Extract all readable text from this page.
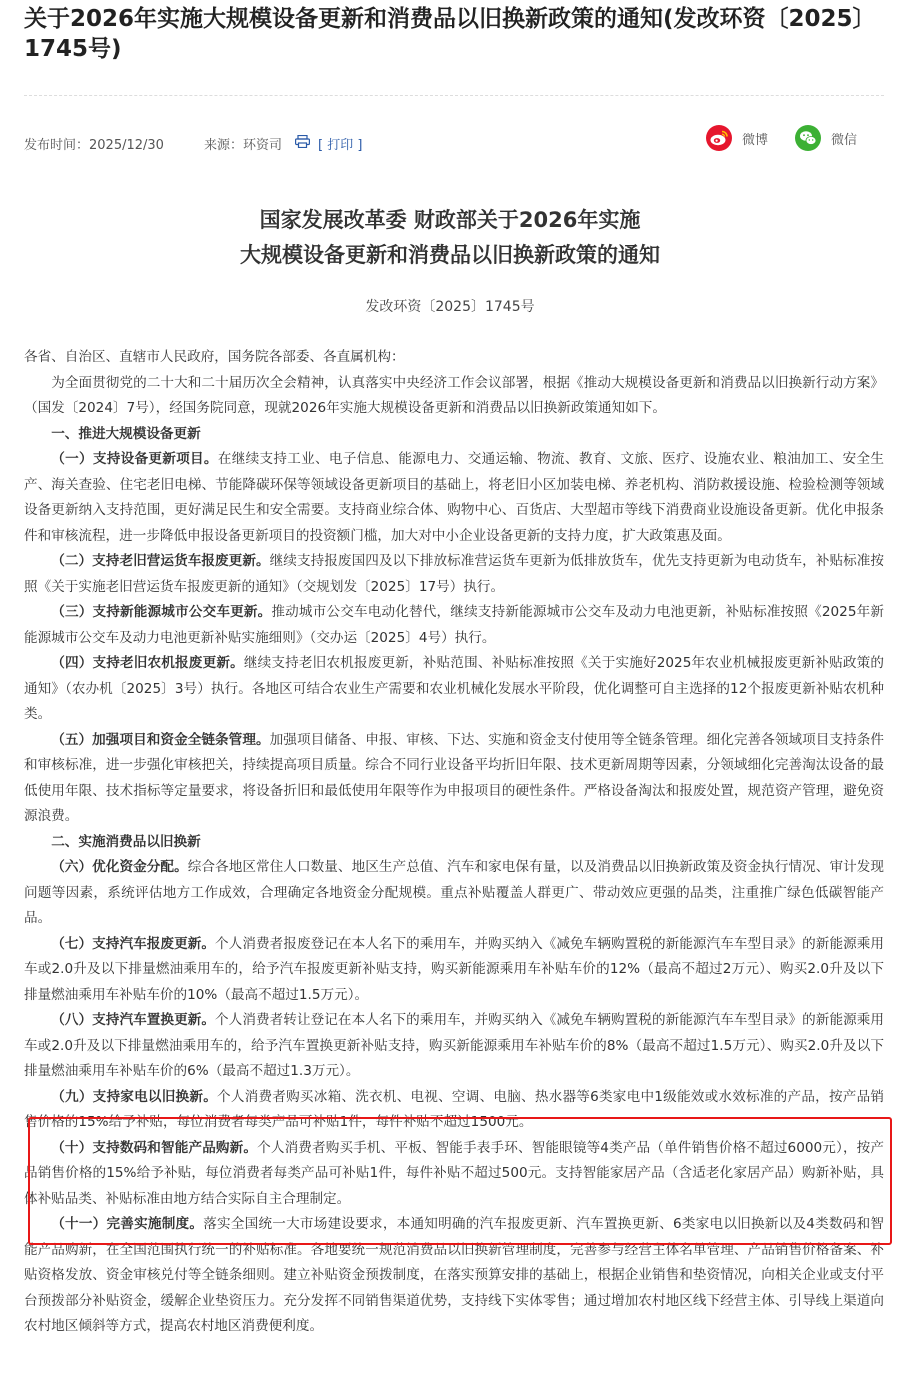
关于2026年实施大规模设备更新和消费品以旧换新政策的通知(发改环资〔2025〕1745号)
发布时间：2025/12/30	来源：环资司	[ 打印 ]	微博	微信
国家发展改革委 财政部关于2026年实施
大规模设备更新和消费品以旧换新政策的通知
发改环资〔2025〕1745号

各省、自治区、直辖市人民政府，国务院各部委、各直属机构：

为全面贯彻党的二十大和二十届历次全会精神，认真落实中央经济工作会议部署，根据《推动大规模设备更新和消费品以旧换新行动方案》（国发〔2024〕7号），经国务院同意，现就2026年实施大规模设备更新和消费品以旧换新政策通知如下。

一、推进大规模设备更新

（一）支持设备更新项目。在继续支持工业、电子信息、能源电力、交通运输、物流、教育、文旅、医疗、设施农业、粮油加工、安全生产、海关查验、住宅老旧电梯、节能降碳环保等领域设备更新项目的基础上，将老旧小区加装电梯、养老机构、消防救援设施、检验检测等领域设备更新纳入支持范围，更好满足民生和安全需要。支持商业综合体、购物中心、百货店、大型超市等线下消费商业设施设备更新。优化申报条件和审核流程，进一步降低申报设备更新项目的投资额门槛，加大对中小企业设备更新的支持力度，扩大政策惠及面。

（二）支持老旧营运货车报废更新。继续支持报废国四及以下排放标准营运货车更新为低排放货车，优先支持更新为电动货车，补贴标准按照《关于实施老旧营运货车报废更新的通知》（交规划发〔2025〕17号）执行。

（三）支持新能源城市公交车更新。推动城市公交车电动化替代，继续支持新能源城市公交车及动力电池更新，补贴标准按照《2025年新能源城市公交车及动力电池更新补贴实施细则》（交办运〔2025〕4号）执行。

（四）支持老旧农机报废更新。继续支持老旧农机报废更新，补贴范围、补贴标准按照《关于实施好2025年农业机械报废更新补贴政策的通知》（农办机〔2025〕3号）执行。各地区可结合农业生产需要和农业机械化发展水平阶段，优化调整可自主选择的12个报废更新补贴农机种类。

（五）加强项目和资金全链条管理。加强项目储备、申报、审核、下达、实施和资金支付使用等全链条管理。细化完善各领域项目支持条件和审核标准，进一步强化审核把关，持续提高项目质量。综合不同行业设备平均折旧年限、技术更新周期等因素，分领域细化完善淘汰设备的最低使用年限、技术指标等定量要求，将设备折旧和最低使用年限等作为申报项目的硬性条件。严格设备淘汰和报废处置，规范资产管理，避免资源浪费。

二、实施消费品以旧换新

（六）优化资金分配。综合各地区常住人口数量、地区生产总值、汽车和家电保有量，以及消费品以旧换新政策及资金执行情况、审计发现问题等因素，系统评估地方工作成效，合理确定各地资金分配规模。重点补贴覆盖人群更广、带动效应更强的品类，注重推广绿色低碳智能产品。

（七）支持汽车报废更新。个人消费者报废登记在本人名下的乘用车，并购买纳入《减免车辆购置税的新能源汽车车型目录》的新能源乘用车或2.0升及以下排量燃油乘用车的，给予汽车报废更新补贴支持，购买新能源乘用车补贴车价的12%（最高不超过2万元）、购买2.0升及以下排量燃油乘用车补贴车价的10%（最高不超过1.5万元）。

（八）支持汽车置换更新。个人消费者转让登记在本人名下的乘用车，并购买纳入《减免车辆购置税的新能源汽车车型目录》的新能源乘用车或2.0升及以下排量燃油乘用车的，给予汽车置换更新补贴支持，购买新能源乘用车补贴车价的8%（最高不超过1.5万元）、购买2.0升及以下排量燃油乘用车补贴车价的6%（最高不超过1.3万元）。

（九）支持家电以旧换新。个人消费者购买冰箱、洗衣机、电视、空调、电脑、热水器等6类家电中1级能效或水效标准的产品，按产品销售价格的15%给予补贴，每位消费者每类产品可补贴1件，每件补贴不超过1500元。

（十）支持数码和智能产品购新。个人消费者购买手机、平板、智能手表手环、智能眼镜等4类产品（单件销售价格不超过6000元），按产品销售价格的15%给予补贴，每位消费者每类产品可补贴1件，每件补贴不超过500元。支持智能家居产品（含适老化家居产品）购新补贴，具体补贴品类、补贴标准由地方结合实际自主合理制定。

（十一）完善实施制度。落实全国统一大市场建设要求，本通知明确的汽车报废更新、汽车置换更新、6类家电以旧换新以及4类数码和智能产品购新，在全国范围执行统一的补贴标准。各地要统一规范消费品以旧换新管理制度，完善参与经营主体名单管理、产品销售价格备案、补贴资格发放、资金审核兑付等全链条细则。建立补贴资金预拨制度，在落实预算安排的基础上，根据企业销售和垫资情况，向相关企业或支付平台预拨部分补贴资金，缓解企业垫资压力。充分发挥不同销售渠道优势，支持线下实体零售；通过增加农村地区线下经营主体、引导线上渠道向农村地区倾斜等方式，提高农村地区消费便利度。
